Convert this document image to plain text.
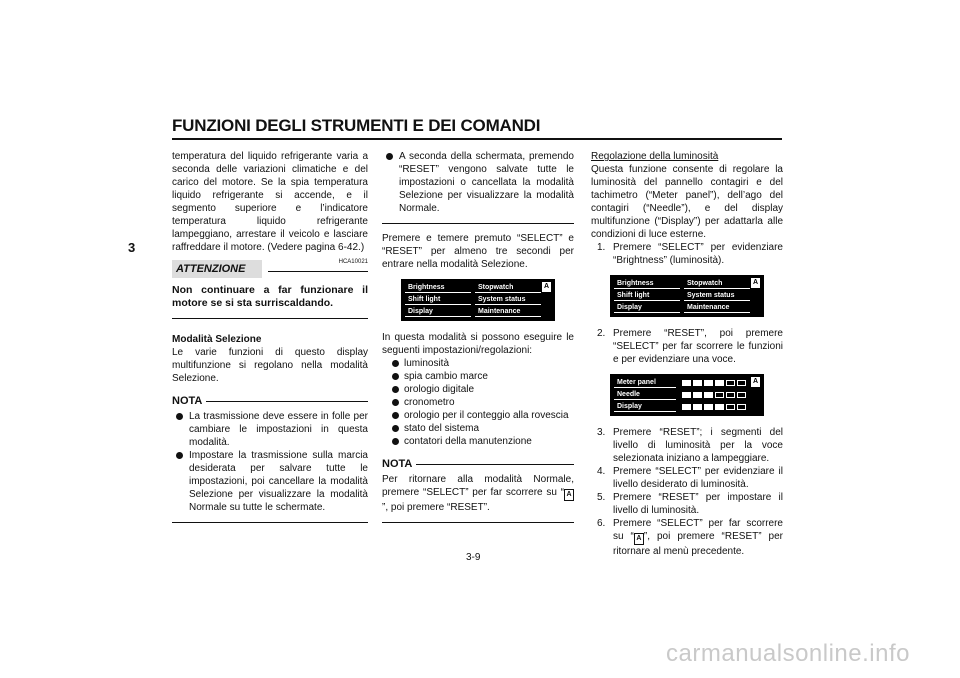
FUNZIONI DEGLI STRUMENTI E DEI COMANDI
3

temperatura del liquido refrigerante varia a seconda delle variazioni climatiche e del carico del motore. Se la spia temperatura liquido refrigerante si accende, e il segmento superiore e l’indicatore temperatura liquido refrigerante lampeggiano, arrestare il veicolo e lasciare raffreddare il motore. (Vedere pagina 6-42.)

ATTENZIONE
HCA10021

Non continuare a far funzionare il motore se si sta surriscaldando.

Modalità Selezione

Le varie funzioni di questo display multifunzione si regolano nella modalità Selezione.

NOTA
La trasmissione deve essere in folle per cambiare le impostazioni in questa modalità.
Impostare la trasmissione sulla marcia desiderata per salvare tutte le impostazioni, poi cancellare la modalità Selezione per visualizzare la modalità Normale su tutte le schermate.
A seconda della schermata, premendo “RESET” vengono salvate tutte le impostazioni o cancellata la modalità Selezione per visualizzare la modalità Normale.

Premere e temere premuto “SELECT” e “RESET” per almeno tre secondi per entrare nella modalità Selezione.

Brightness	Stopwatch
Shift light	System status
Display	Maintenance
A

In questa modalità si possono eseguire le seguenti impostazioni/regolazioni:

luminosità
spia cambio marce
orologio digitale
cronometro
orologio per il conteggio alla rovescia
stato del sistema
contatori della manutenzione
NOTA

Per ritornare alla modalità Normale, premere “SELECT” per far scorrere su “ A”, poi premere “RESET”.

Regolazione della luminosità

Questa funzione consente di regolare la luminosità del pannello contagiri e del tachimetro (“Meter panel”), dell’ago del contagiri (“Needle”), e del display multifunzione (“Display”) per adattarla alle condizioni di luce esterne.

1. Premere “SELECT” per evidenziare “Brightness” (luminosità).
Brightness	Stopwatch
Shift light	System status
Display	Maintenance
A
2. Premere “RESET”, poi premere “SELECT” per far scorrere le funzioni e per evidenziare una voce.
Meter panel
Needle
Display
A
3. Premere “RESET”; i segmenti del livello di luminosità per la voce selezionata iniziano a lampeggiare.
4. Premere “SELECT” per evidenziare il livello desiderato di luminosità.
5. Premere “RESET” per impostare il livello di luminosità.
6. Premere “SELECT” per far scorrere su “ A ”, poi premere “RESET” per ritornare al menù precedente.
3-9
carmanualsonline.info
